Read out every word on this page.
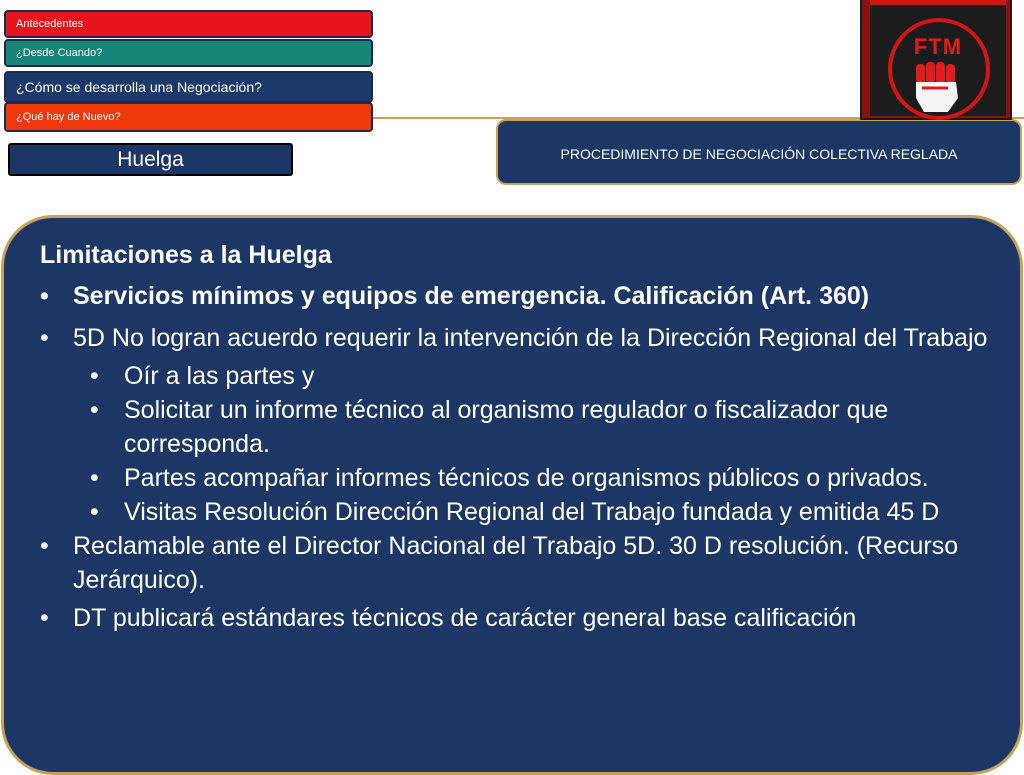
Antecedentes
¿Desde Cuando?
¿Cómo se desarrolla una Negociación?
¿Qué hay de Nuevo?
Huelga	PROCEDIMIENTO DE NEGOCIACIÓN COLECTIVA REGLADA
FTM
Limitaciones a la Huelga
• Servicios mínimos y equipos de emergencia. Calificación (Art. 360)
• 5D No logran acuerdo requerir la intervención de la Dirección Regional del Trabajo
• Oír a las partes y
• Solicitar un informe técnico al organismo regulador o fiscalizador que corresponda.
• Partes acompañar informes técnicos de organismos públicos o privados.
• Visitas Resolución Dirección Regional del Trabajo fundada y emitida 45 D
• Reclamable ante el Director Nacional del Trabajo 5D. 30 D resolución. (Recurso Jerárquico).
• DT publicará estándares técnicos de carácter general base calificación
